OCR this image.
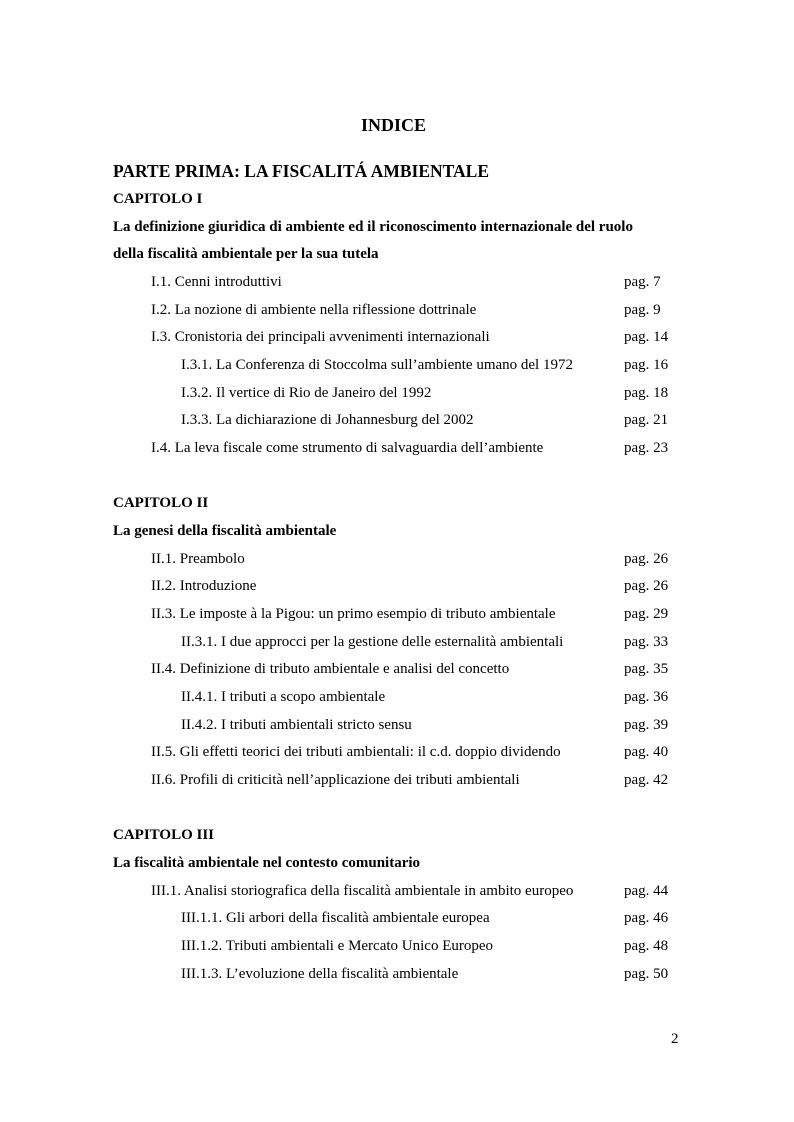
INDICE
PARTE PRIMA: LA FISCALITÁ AMBIENTALE
CAPITOLO I
La definizione giuridica di ambiente ed il riconoscimento internazionale del ruolo
della fiscalità ambientale per la sua tutela
I.1. Cenni introduttivi	pag. 7
I.2. La nozione di ambiente nella riflessione dottrinale	pag. 9
I.3. Cronistoria dei principali avvenimenti internazionali	pag. 14
I.3.1. La Conferenza di Stoccolma sull’ambiente umano del 1972	pag. 16
I.3.2. Il vertice di Rio de Janeiro del 1992	pag. 18
I.3.3. La dichiarazione di Johannesburg del 2002	pag. 21
I.4. La leva fiscale come strumento di salvaguardia dell’ambiente	pag. 23
CAPITOLO II
La genesi della fiscalità ambientale
II.1. Preambolo	pag. 26
II.2. Introduzione	pag. 26
II.3. Le imposte à la Pigou: un primo esempio di tributo ambientale	pag. 29
II.3.1. I due approcci per la gestione delle esternalità ambientali	pag. 33
II.4. Definizione di tributo ambientale e analisi del concetto	pag. 35
II.4.1. I tributi a scopo ambientale	pag. 36
II.4.2. I tributi ambientali stricto sensu	pag. 39
II.5. Gli effetti teorici dei tributi ambientali: il c.d. doppio dividendo	pag. 40
II.6. Profili di criticità nell’applicazione dei tributi ambientali	pag. 42
CAPITOLO III
La fiscalità ambientale nel contesto comunitario
III.1. Analisi storiografica della fiscalità ambientale in ambito europeo	pag. 44
III.1.1. Gli arbori della fiscalità ambientale europea	pag. 46
III.1.2. Tributi ambientali e Mercato Unico Europeo	pag. 48
III.1.3. L’evoluzione della fiscalità ambientale	pag. 50
2
